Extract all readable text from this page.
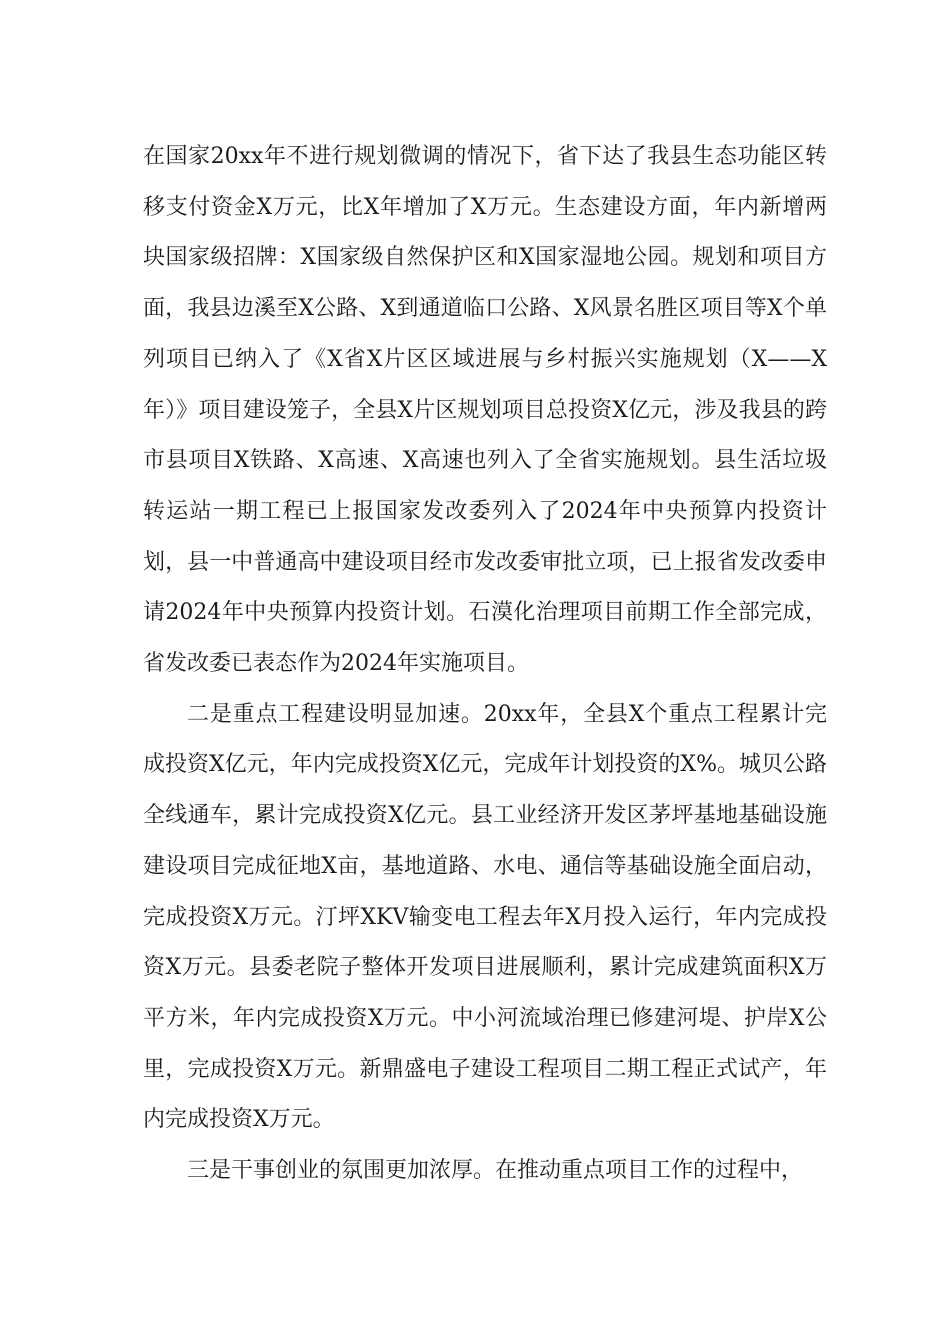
在国家20xx年不进行规划微调的情况下，省下达了我县生态功能区转移支付资金X万元，比X年增加了X万元。生态建设方面，年内新增两块国家级招牌：X国家级自然保护区和X国家湿地公园。规划和项目方面，我县边溪至X公路、X到通道临口公路、X风景名胜区项目等X个单列项目已纳入了《X省X片区区域进展与乡村振兴实施规划（X——X年）》项目建设笼子，全县X片区规划项目总投资X亿元，涉及我县的跨市县项目X铁路、X高速、X高速也列入了全省实施规划。县生活垃圾转运站一期工程已上报国家发改委列入了2024年中央预算内投资计划，县一中普通高中建设项目经市发改委审批立项，已上报省发改委申请2024年中央预算内投资计划。石漠化治理项目前期工作全部完成，省发改委已表态作为2024年实施项目。

二是重点工程建设明显加速。20xx年，全县X个重点工程累计完成投资X亿元，年内完成投资X亿元，完成年计划投资的X%。城贝公路全线通车，累计完成投资X亿元。县工业经济开发区茅坪基地基础设施建设项目完成征地X亩，基地道路、水电、通信等基础设施全面启动，完成投资X万元。汀坪XKV输变电工程去年X月投入运行，年内完成投资X万元。县委老院子整体开发项目进展顺利，累计完成建筑面积X万平方米，年内完成投资X万元。中小河流域治理已修建河堤、护岸X公里，完成投资X万元。新鼎盛电子建设工程项目二期工程正式试产，年内完成投资X万元。

三是干事创业的氛围更加浓厚。在推动重点项目工作的过程中，
